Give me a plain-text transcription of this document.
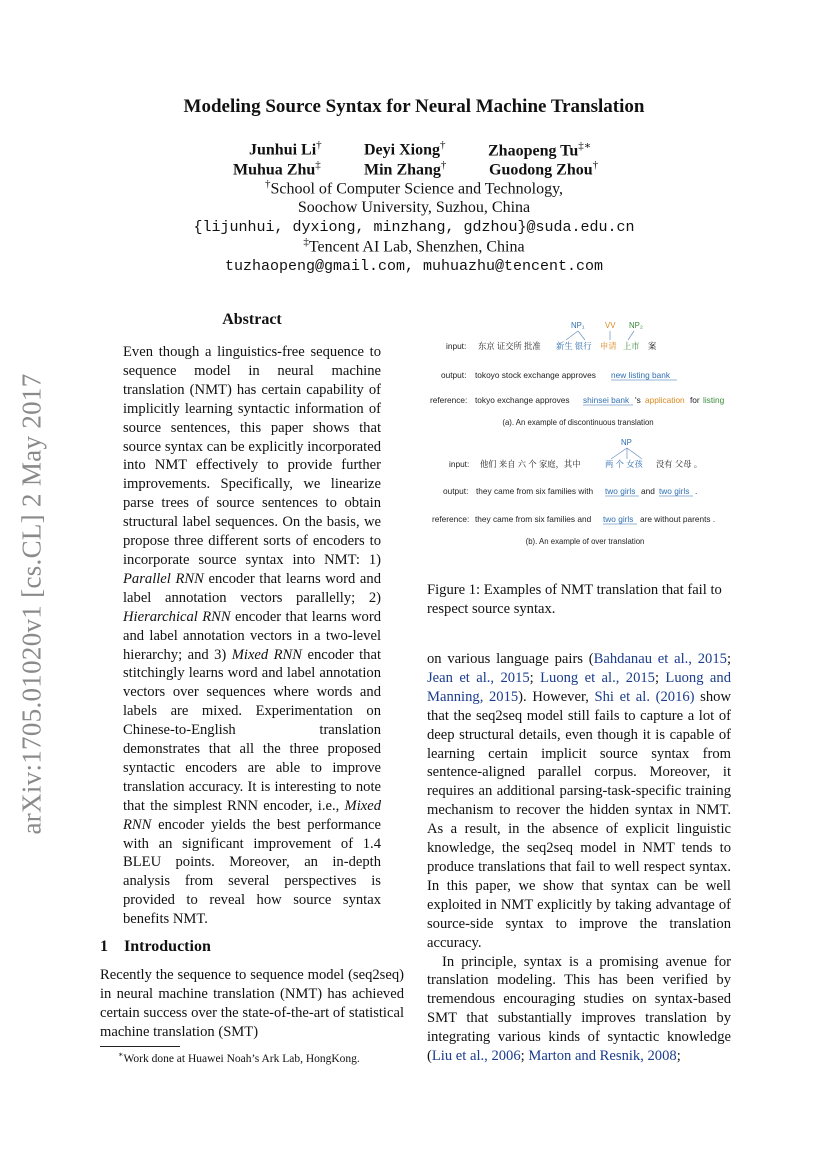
arXiv:1705.01020v1 [cs.CL] 2 May 2017
Modeling Source Syntax for Neural Machine Translation
Junhui Li†	Deyi Xiong†	Zhaopeng Tu‡∗
Muhua Zhu‡	Min Zhang†	Guodong Zhou†
†School of Computer Science and Technology,
Soochow University, Suzhou, China
{lijunhui, dyxiong, minzhang, gdzhou}@suda.edu.cn
‡Tencent AI Lab, Shenzhen, China
tuzhaopeng@gmail.com, muhuazhu@tencent.com
Abstract
Even though a linguistics-free sequence to sequence model in neural machine translation (NMT) has certain capability of implicitly learning syntactic information of source sentences, this paper shows that source syntax can be explicitly incorporated into NMT effectively to provide further improvements. Specifically, we linearize parse trees of source sentences to obtain structural label sequences. On the basis, we propose three different sorts of encoders to incorporate source syntax into NMT: 1) Parallel RNN encoder that learns word and label annotation vectors parallelly; 2) Hierarchical RNN encoder that learns word and label annotation vectors in a two-level hierarchy; and 3) Mixed RNN encoder that stitchingly learns word and label annotation vectors over sequences where words and labels are mixed. Experimentation on Chinese-to-English translation demonstrates that all the three proposed syntactic encoders are able to improve translation accuracy. It is interesting to note that the simplest RNN encoder, i.e., Mixed RNN encoder yields the best performance with an significant improvement of 1.4 BLEU points. Moreover, an in-depth analysis from several perspectives is provided to reveal how source syntax benefits NMT.
1 Introduction
Recently the sequence to sequence model (seq2seq) in neural machine translation (NMT) has achieved certain success over the state-of-the-art of statistical machine translation (SMT)
∗Work done at Huawei Noah’s Ark Lab, HongKong.
NP₁	VV NP₂
input: 东京 证交所 批准 新生 银行 申请 上市 案
output: tokoyo stock exchange approves new listing bank
reference: tokyo exchange approves shinsei bank 's application for listing
(a). An example of discontinuous translation
NP
input: 他们 来自 六 个 家庭，其中	两 个 女孩 没有 父母 。
output: they came from six families with two girls and two girls .
reference: they came from six families and two girls are without parents .
(b). An example of over translation
Figure 1: Examples of NMT translation that fail to respect source syntax.

on various language pairs (Bahdanau et al., 2015; Jean et al., 2015; Luong et al., 2015; Luong and Manning, 2015). However, Shi et al. (2016) show that the seq2seq model still fails to capture a lot of deep structural details, even though it is capable of learning certain implicit source syntax from sentence-aligned parallel corpus. Moreover, it requires an additional parsing-task-specific training mechanism to recover the hidden syntax in NMT. As a result, in the absence of explicit linguistic knowledge, the seq2seq model in NMT tends to produce translations that fail to well respect syntax. In this paper, we show that syntax can be well exploited in NMT explicitly by taking advantage of source-side syntax to improve the translation accuracy.

In principle, syntax is a promising avenue for translation modeling. This has been verified by tremendous encouraging studies on syntax-based SMT that substantially improves translation by integrating various kinds of syntactic knowledge (Liu et al., 2006; Marton and Resnik, 2008;
